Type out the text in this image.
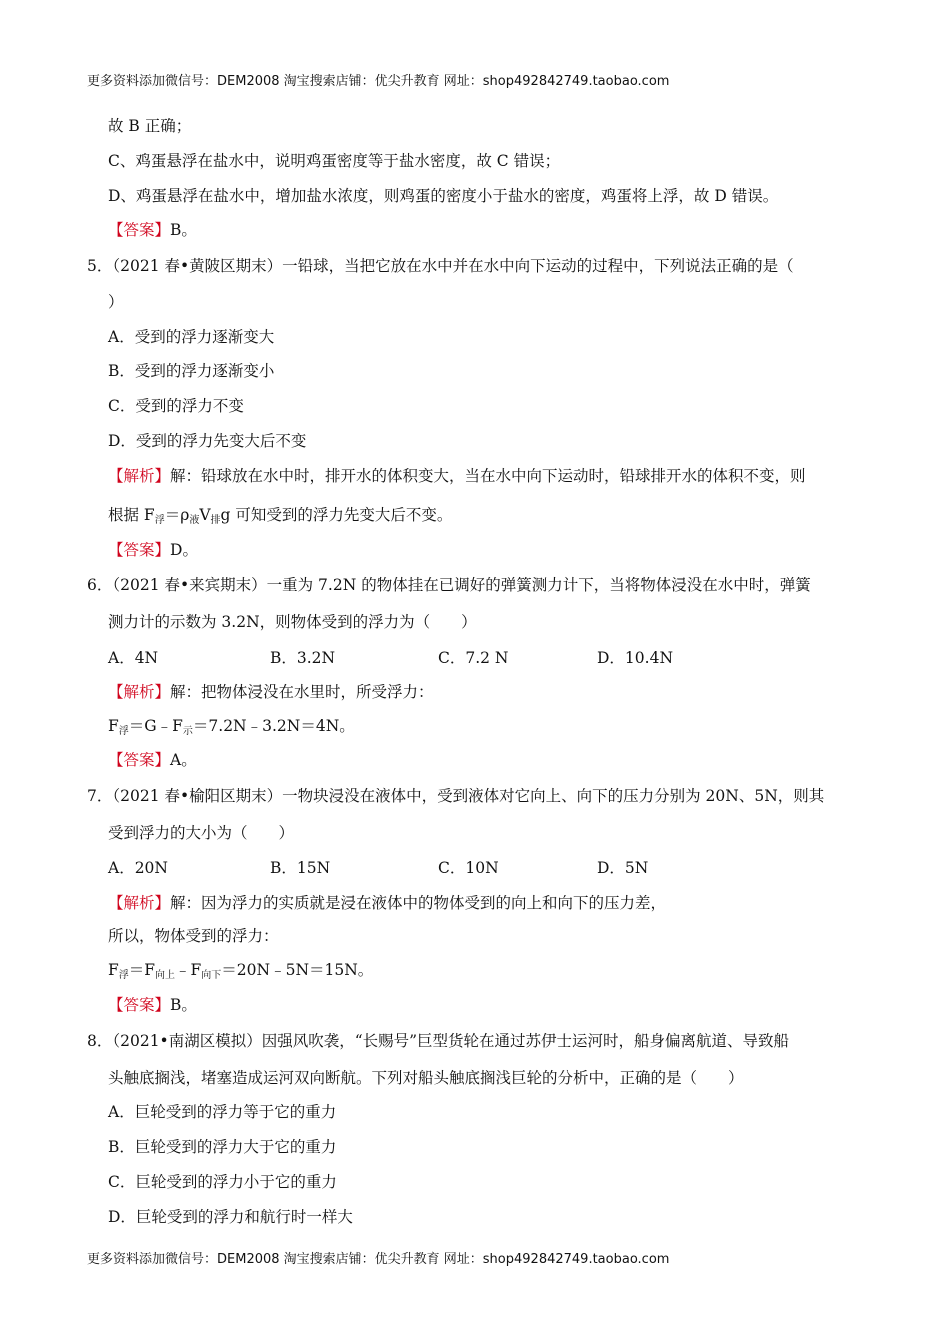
更多资料添加微信号：DEM2008 淘宝搜索店铺：优尖升教育 网址：shop492842749.taobao.com
故 B 正确；
C、鸡蛋悬浮在盐水中，说明鸡蛋密度等于盐水密度，故 C 错误；
D、鸡蛋悬浮在盐水中，增加盐水浓度，则鸡蛋的密度小于盐水的密度，鸡蛋将上浮，故 D 错误。
【答案】B。
5．（2021 春•黄陂区期末）一铅球，当把它放在水中并在水中向下运动的过程中，下列说法正确的是（
）
A．受到的浮力逐渐变大
B．受到的浮力逐渐变小
C．受到的浮力不变
D．受到的浮力先变大后不变
【解析】解：铅球放在水中时，排开水的体积变大，当在水中向下运动时，铅球排开水的体积不变，则
根据 F浮＝ρ液V排g 可知受到的浮力先变大后不变。
【答案】D。
6．（2021 春•来宾期末）一重为 7.2N 的物体挂在已调好的弹簧测力计下，当将物体浸没在水中时，弹簧
测力计的示数为 3.2N，则物体受到的浮力为（　　）
A．4N	B．3.2N	C．7.2 N	D．10.4N
【解析】解：把物体浸没在水里时，所受浮力：
F浮＝G﹣F示＝7.2N﹣3.2N＝4N。
【答案】A。
7．（2021 春•榆阳区期末）一物块浸没在液体中，受到液体对它向上、向下的压力分别为 20N、5N，则其
受到浮力的大小为（　　）
A．20N	B．15N	C．10N	D．5N
【解析】解：因为浮力的实质就是浸在液体中的物体受到的向上和向下的压力差，
所以，物体受到的浮力：
F浮＝F向上﹣F向下＝20N﹣5N＝15N。
【答案】B。
8．（2021•南湖区模拟）因强风吹袭，“长赐号”巨型货轮在通过苏伊士运河时，船身偏离航道、导致船
头触底搁浅，堵塞造成运河双向断航。下列对船头触底搁浅巨轮的分析中，正确的是（　　）
A．巨轮受到的浮力等于它的重力
B．巨轮受到的浮力大于它的重力
C．巨轮受到的浮力小于它的重力
D．巨轮受到的浮力和航行时一样大
更多资料添加微信号：DEM2008 淘宝搜索店铺：优尖升教育 网址：shop492842749.taobao.com
